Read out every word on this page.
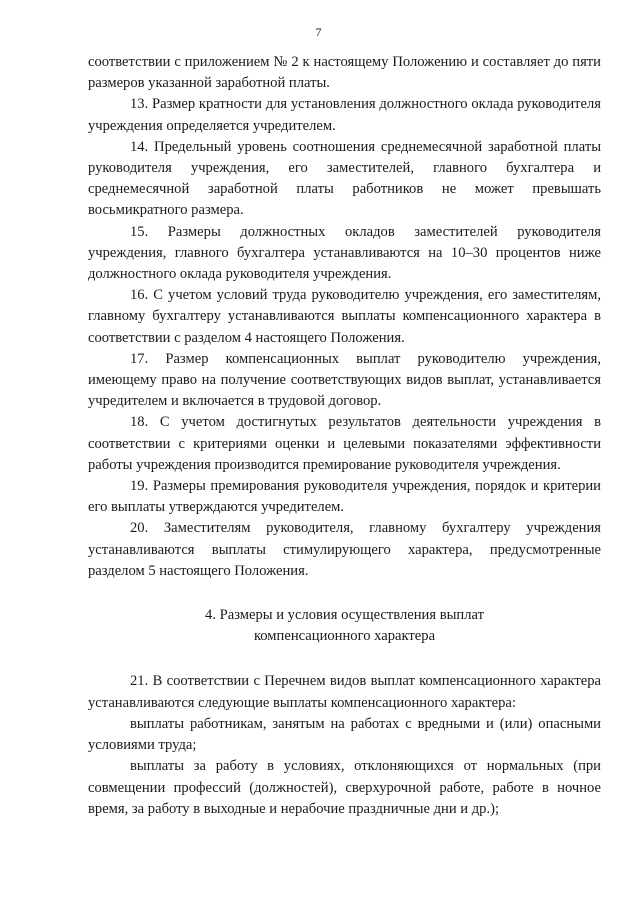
7

соответствии с приложением № 2 к настоящему Положению и составляет до пяти размеров указанной заработной платы.

13. Размер кратности для установления должностного оклада руководителя учреждения определяется учредителем.

14. Предельный уровень соотношения среднемесячной заработной платы руководителя учреждения, его заместителей, главного бухгалтера и среднемесячной заработной платы работников не может превышать восьмикратного размера.

15. Размеры должностных окладов заместителей руководителя учреждения, главного бухгалтера устанавливаются на 10–30 процентов ниже должностного оклада руководителя учреждения.

16. С учетом условий труда руководителю учреждения, его заместителям, главному бухгалтеру устанавливаются выплаты компенсационного характера в соответствии с разделом 4 настоящего Положения.

17. Размер компенсационных выплат руководителю учреждения, имеющему право на получение соответствующих видов выплат, устанавливается учредителем и включается в трудовой договор.

18. С учетом достигнутых результатов деятельности учреждения в соответствии с критериями оценки и целевыми показателями эффективности работы учреждения производится премирование руководителя учреждения.

19. Размеры премирования руководителя учреждения, порядок и критерии его выплаты утверждаются учредителем.

20. Заместителям руководителя, главному бухгалтеру учреждения устанавливаются выплаты стимулирующего характера, предусмотренные разделом 5 настоящего Положения.

4. Размеры и условия осуществления выплат
компенсационного характера

21. В соответствии с Перечнем видов выплат компенсационного характера устанавливаются следующие выплаты компенсационного характера:

выплаты работникам, занятым на работах с вредными и (или) опасными условиями труда;

выплаты за работу в условиях, отклоняющихся от нормальных (при совмещении профессий (должностей), сверхурочной работе, работе в ночное время, за работу в выходные и нерабочие праздничные дни и др.);
